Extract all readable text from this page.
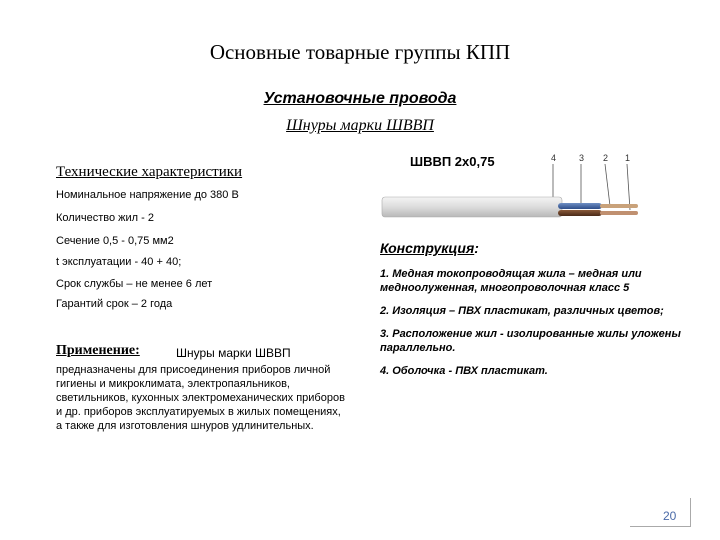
Основные товарные группы КПП
Установочные провода
Шнуры марки ШВВП
Технические характеристики
Номинальное напряжение до 380 В
Количество жил - 2
Сечение 0,5 - 0,75 мм2
t эксплуатации - 40 + 40;
Срок службы – не менее 6 лет
Гарантий срок – 2 года
Применение:	Шнуры марки ШВВП
предназначены для присоединения приборов личной гигиены и микроклимата, электропаяльников, светильников, кухонных электромеханических приборов и др. приборов эксплуатируемых в жилых помещениях, а также для изготовления шнуров удлинительных.
ШВВП 2х0,75	4	3 2 1
Конструкция:
1. Медная токопроводящая жила – медная или
медноолуженная, многопроволочная класс 5
2. Изоляция – ПВХ пластикат, различных цветов;
3. Расположение жил - изолированные жилы уложены
параллельно.
4. Оболочка - ПВХ пластикат.
20
